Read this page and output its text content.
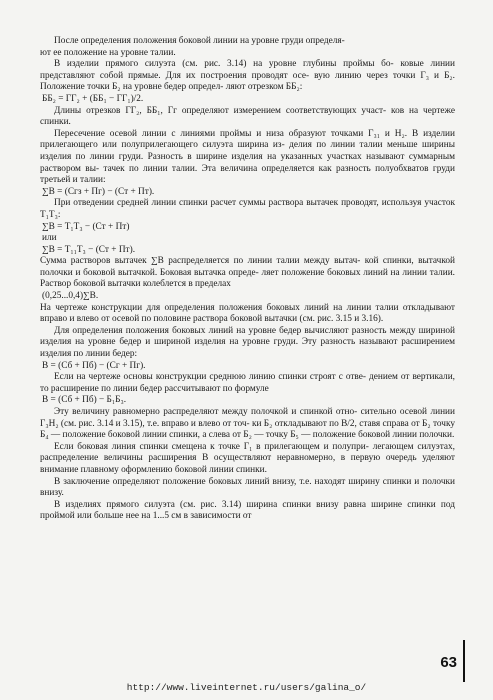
После определения положения боковой линии на уровне груди определя-

ют ее положение на уровне талии.

В изделии прямого силуэта (см. рис. 3.14) на уровне глубины проймы бо- ковые линии представляют собой прямые. Для их построения проводят осе- вую линию через точки Г₃ и Б₂. Положение точки Б₂ на уровне бедер определ- ляют отрезком ББ₂:

ББ₂ = ГГ₂ + (ББ₁ − ГГ₁)/2.

Длины отрезков ГГ₂, ББ₁, Гг определяют измерением соответствующих участ- ков на чертеже спинки.

Пересечение осевой линии с линиями проймы и низа образуют точками Г₃₁ и Н₂. В изделии прилегающего или полуприлегающего силуэта ширина из- делия по линии талии меньше ширины изделия по линии груди. Разность в ширине изделия на указанных участках называют суммарным раствором вы- тачек по линии талии. Эта величина определяется как разность полуобхватов груди третьей и талии:

∑B = (Сгз + Пг) − (Ст + Пт).

При отведении средней линии спинки расчет суммы раствора вытачек проводят, используя участок Т₁Т₃:

∑B = Т₁Т₃ − (Ст + Пт)

или

∑B = Т₁₁Т₃ − (Ст + Пт).

Сумма растворов вытачек ∑B распределяется по линии талии между вытач- кой спинки, вытачкой полочки и боковой вытачкой. Боковая вытачка опреде- ляет положение боковых линий на линии талии. Раствор боковой вытачки колеблется в пределах

(0,25...0,4)∑B.

На чертеже конструкции для определения положения боковых линий на линии талии откладывают вправо и влево от осевой по половине раствора боковой вытачки (см. рис. 3.15 и 3.16).

Для определения положения боковых линий на уровне бедер вычисляют разность между шириной изделия на уровне бедер и шириной изделия на уровне груди. Эту разность называют расширением изделия по линии бедер:

B = (Сб + Пб) − (Сг + Пг).

Если на чертеже основы конструкции среднюю линию спинки строят с отве- дением от вертикали, то расширение по линии бедер рассчитывают по формуле

B = (Сб + Пб) − Б₁Б₃.

Эту величину равномерно распределяют между полочкой и спинкой отно- сительно осевой линии Г₃Н₂ (см. рис. 3.14 и 3.15), т.е. вправо и влево от точ- ки Б₂ откладывают по В/2, ставя справа от Б₂ точку Б₄ — положение боковой линии спинки, а слева от Б₂ — точку Б₅ — положение боковой линии полочки.

Если боковая линия спинки смещена к точке Г₁ в прилегающем и полупри- легающем силуэтах, распределение величины расширения B осуществляют неравномерно, в первую очередь уделяют внимание плавному оформлению боковой линии спинки.

В заключение определяют положение боковых линий внизу, т.е. находят ширину спинки и полочки внизу.

В изделиях прямого силуэта (см. рис. 3.14) ширина спинки внизу равна ширине спинки под проймой или больше нее на 1...5 см в зависимости от

63
http://www.liveinternet.ru/users/galina_o/
